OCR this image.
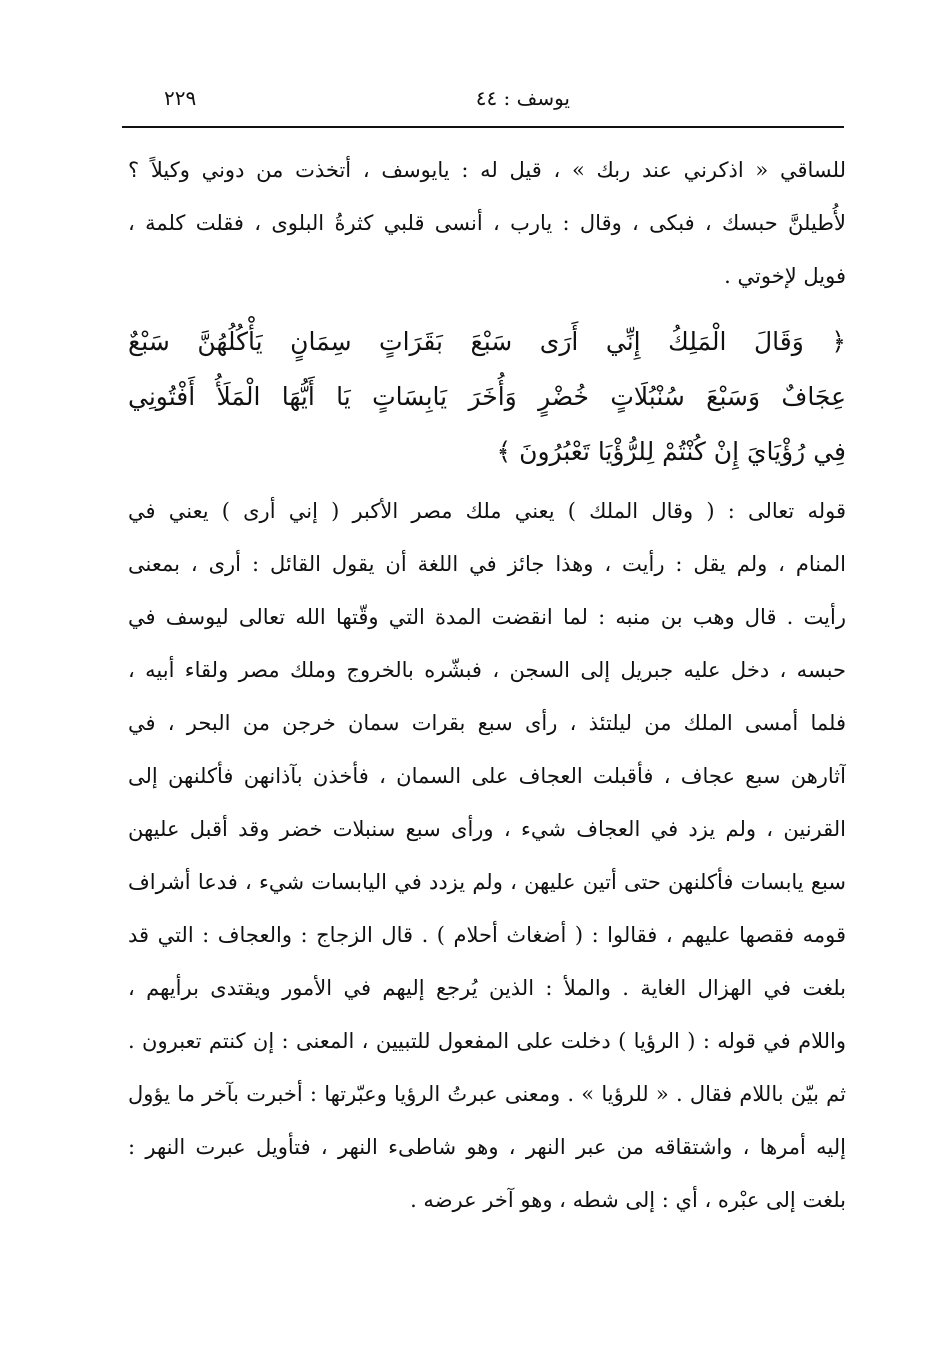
يوسف : ٤٤
٢٢٩
للساقي « اذكرني عند ربك » ، قيل له : يايوسف ، أتخذت من دوني وكيلاً ؟
لأُطيلنَّ حبسك ، فبكى ، وقال : يارب ، أنسى قلبي كثرةُ البلوى ، فقلت كلمة ،
فويل لإخوتي .
﴿ وَقَالَ الْمَلِكُ إِنِّي أَرَى سَبْعَ بَقَرَاتٍ سِمَانٍ يَأْكُلُهُنَّ سَبْعٌ
عِجَافٌ وَسَبْعَ سُنْبُلَاتٍ خُضْرٍ وَأُخَرَ يَابِسَاتٍ يَا أَيُّهَا الْمَلَأُ أَفْتُونِي
فِي رُؤْيَايَ إِنْ كُنْتُمْ لِلرُّؤْيَا تَعْبُرُونَ ﴾
قوله تعالى : ( وقال الملك ) يعني ملك مصر الأكبر ( إني أرى ) يعني في
المنام ، ولم يقل : رأيت ، وهذا جائز في اللغة أن يقول القائل : أرى ، بمعنى
رأيت . قال وهب بن منبه : لما انقضت المدة التي وقّتها الله تعالى ليوسف في
حبسه ، دخل عليه جبريل إلى السجن ، فبشّره بالخروج وملك مصر ولقاء أبيه ،
فلما أمسى الملك من ليلتئذ ، رأى سبع بقرات سمان خرجن من البحر ، في
آثارهن سبع عجاف ، فأقبلت العجاف على السمان ، فأخذن بآذانهن فأكلنهن إلى
القرنين ، ولم يزد في العجاف شيء ، ورأى سبع سنبلات خضر وقد أقبل عليهن
سبع يابسات فأكلنهن حتى أتين عليهن ، ولم يزدد في اليابسات شيء ، فدعا أشراف
قومه فقصها عليهم ، فقالوا : ( أضغاث أحلام ) . قال الزجاج : والعجاف : التي قد
بلغت في الهزال الغاية . والملأ : الذين يُرجع إليهم في الأمور ويقتدى برأيهم ،
واللام في قوله : ( الرؤيا ) دخلت على المفعول للتبيين ، المعنى : إن كنتم تعبرون .
ثم بيّن باللام فقال . « للرؤيا » . ومعنى عبرتُ الرؤيا وعبّرتها : أخبرت بآخر ما يؤول
إليه أمرها ، واشتقاقه من عبر النهر ، وهو شاطىء النهر ، فتأويل عبرت النهر :
بلغت إلى عبْره ، أي : إلى شطه ، وهو آخر عرضه .
